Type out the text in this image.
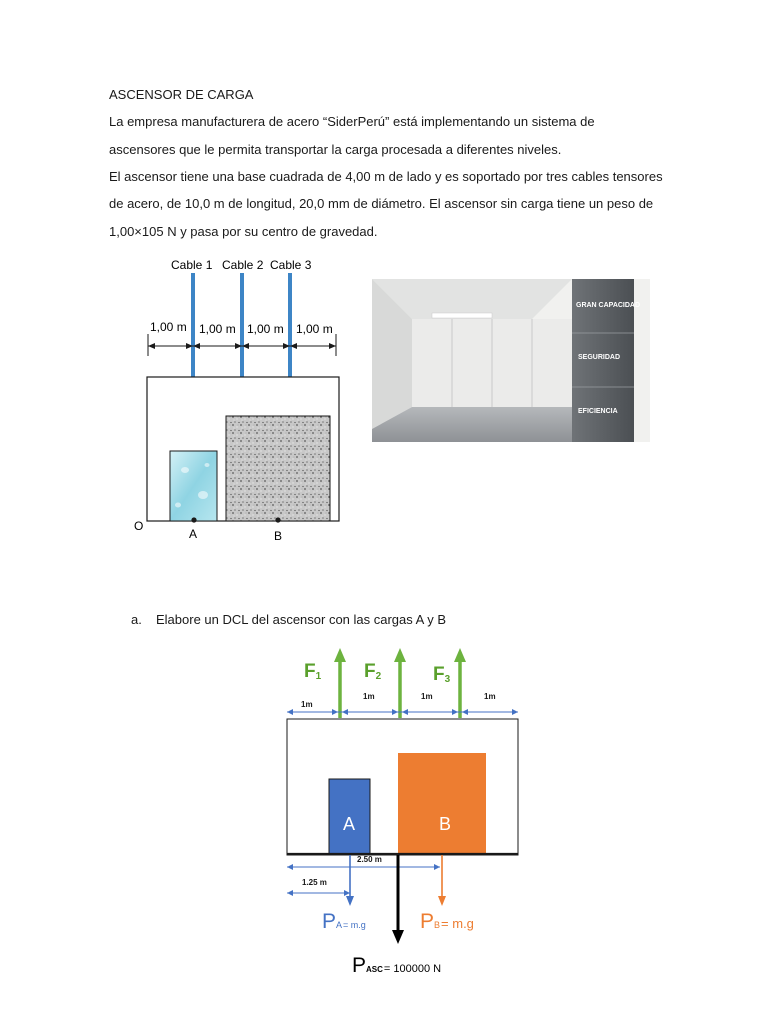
ASCENSOR DE CARGA
La empresa manufacturera de acero “SiderPerú” está implementando un sistema de
ascensores que le permita transportar la carga procesada a diferentes niveles.
El ascensor tiene una base cuadrada de 4,00 m de lado y es soportado por tres cables tensores
de acero, de 10,0 m de longitud, 20,0 mm de diámetro. El ascensor sin carga tiene un peso de
1,00×105 N y pasa por su centro de gravedad.
Cable 1 Cable 2 Cable 3
1,00 m 1,00 m 1,00 m 1,00 m
O
A	B
GRAN CAPACIDAD
SEGURIDAD
EFICIENCIA
a. Elabore un DCL del ascensor con las cargas A y B
F1 F2	F3
1m
1m	1m	1m
A	B
2.50 m
1.25 m
PA= m.g	PB= m.g
PASC= 100000 N
